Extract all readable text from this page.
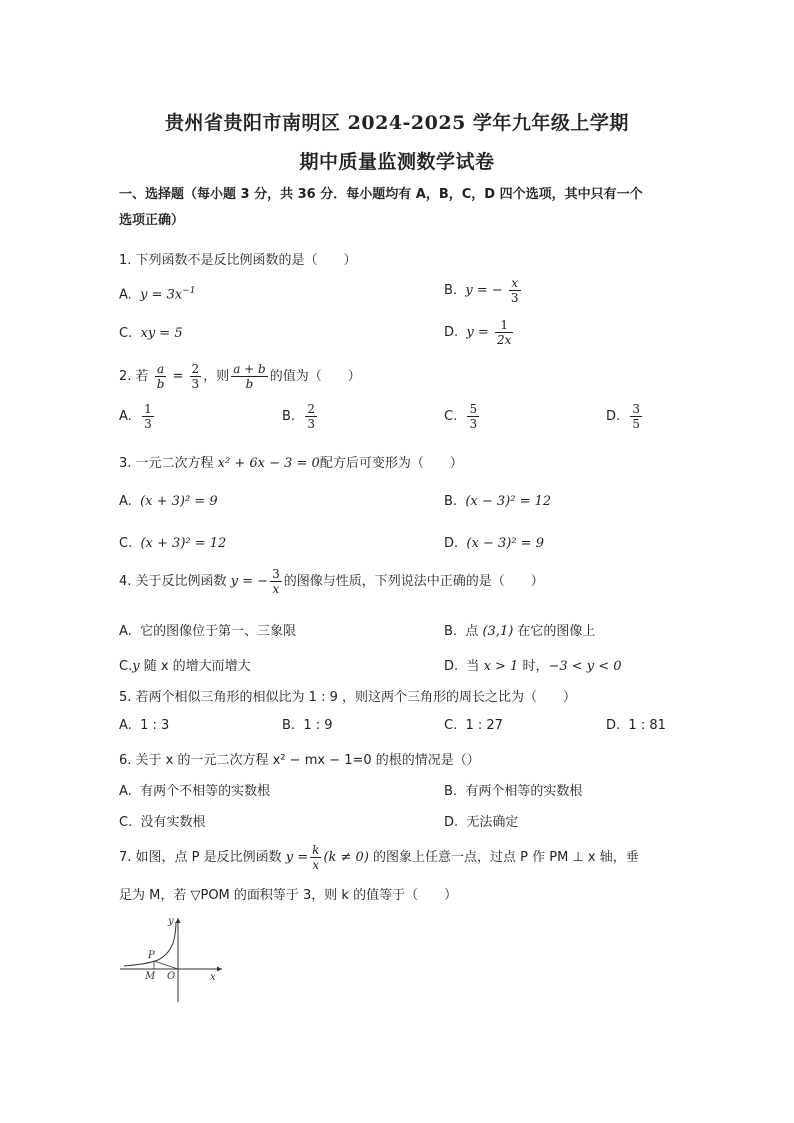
贵州省贵阳市南明区 2024-2025 学年九年级上学期
期中质量监测数学试卷
一、选择题（每小题 3 分，共 36 分．每小题均有 A，B，C，D 四个选项，其中只有一个
选项正确）
1. 下列函数不是反比例函数的是（　　）
A. $y = 3x^{-1}$	B. y = − $\frac{x}{3}$
C. xy = 5	D. $y = \frac{1}{2x}$
2. 若 $\frac{a}{b} = \frac{2}{3}$ ，则 $\frac{a + b}{b}$ 的值为（　　）
A. $\frac{1}{3}$	B. $\frac{2}{3}$	C. $\frac{5}{3}$	D. $\frac{3}{5}$
3. 一元二次方程 x² + 6x − 3 = 0配方后可变形为（　　）
A. (x + 3)² = 9	B. (x − 3)² = 12
C. (x + 3)² = 12	D. (x − 3)² = 9
4. 关于反比例函数 y = − $\frac{3}{x}$ 的图像与性质，下列说法中正确的是（　　）
A. 它的图像位于第一、三象限	B. 点 (3,1) 在它的图像上
C.y 随 x 的增大而增大	D. 当 x > 1 时，−3 < y < 0
5. 若两个相似三角形的相似比为 1 : 9 ，则这两个三角形的周长之比为（　　）
A. 1 : 3	B. 1 : 9	C. 1 : 27	D. 1 : 81
6. 关于 x 的一元二次方程 x² − mx − 1=0 的根的情况是（）
A. 有两个不相等的实数根	B. 有两个相等的实数根
C. 没有实数根	D. 无法确定
7. 如图，点 P 是反比例函数 $y = \frac{k}{x} (k \ne 0)$ 的图象上任意一点，过点 P 作 PM ⊥ x 轴，垂
足为 M，若 ▽POM 的面积等于 3，则 k 的值等于（　　）
y
x
P
M O
